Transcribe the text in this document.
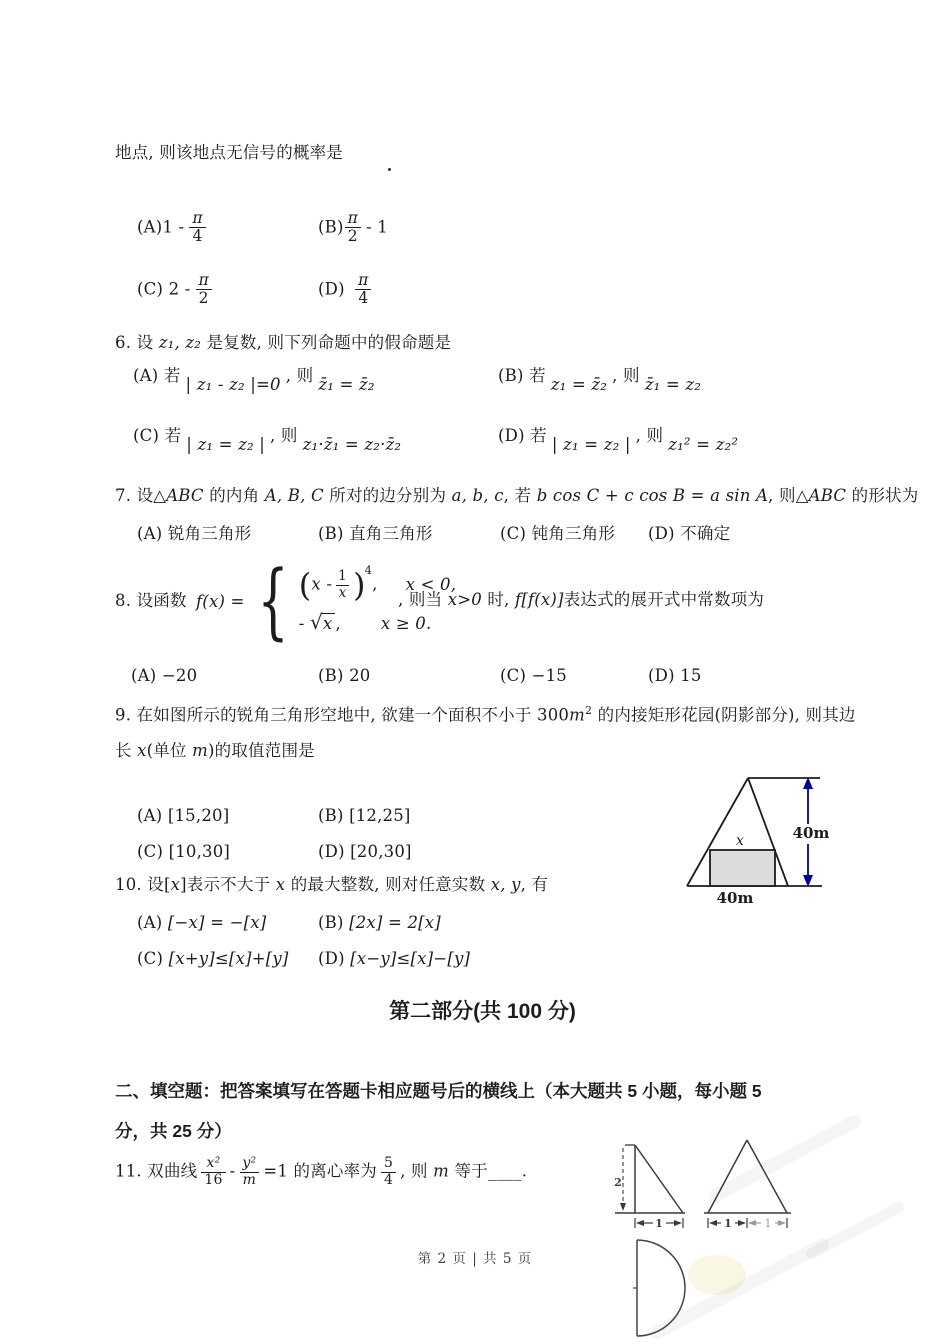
地点, 则该地点无信号的概率是
$(A)1 - \frac{\pi}{4}$	$(B) \frac{\pi}{2} - 1$
(C) $2 - \frac{\pi}{2}$	$(D) \frac{\pi}{4}$
6. 设 z₁, z₂ 是复数, 则下列命题中的假命题是
(A) 若 | z₁ - z₂ |=0 , 则 z̄₁ = z̄₂	(B) 若 z₁ = z̄₂ , 则 z̄₁ = z₂
(C) 若 | z₁ = z₂ | , 则 z₁·z̄₁ = z₂·z̄₂	(D) 若 | z₁ = z₂ | , 则 z₁² = z₂²
7. 设△ABC 的内角 A, B, C 所对的边分别为 a, b, c, 若 b cos C + c cos B = a sin A, 则△ABC 的形状为
(A) 锐角三角形	(B) 直角三角形	(C) 钝角三角形 (D) 不确定
8. 设函数 f(x) = { $(x - \frac{1}{x} )^4$, x < 0,
- √x , x ≥ 0.
, 则当 x>0 时, f[f(x)]表达式的展开式中常数项为
(A) −20	(B) 20	(C) −15	(D) 15
9. 在如图所示的锐角三角形空地中, 欲建一个面积不小于 $300m^2$ 的内接矩形花园(阴影部分), 则其边
长 x(单位 m)的取值范围是
(A) [15,20]	(B) [12,25]
(C) [10,30]	(D) [20,30]
40m
x
40m
10. 设[x]表示不大于 x 的最大整数, 则对任意实数 x, y, 有
(A) [−x] = −[x]	(B) [2x] = 2[x]
(C) [x+y]≤[x]+[y] (D) [x−y]≤[x]−[y]
第二部分(共 100 分)
二、填空题：把答案填写在答题卡相应题号后的横线上（本大题共 5 小题，每小题 5
分，共 25 分）
11. 双曲线 $\frac{\text{x²}}{16} - \frac{\text{y²}}{m} =1$ 的离心率为 $\frac{5}{4}$ , 则 m 等于____.
2
1	1	1
第 2 页 | 共 5 页
